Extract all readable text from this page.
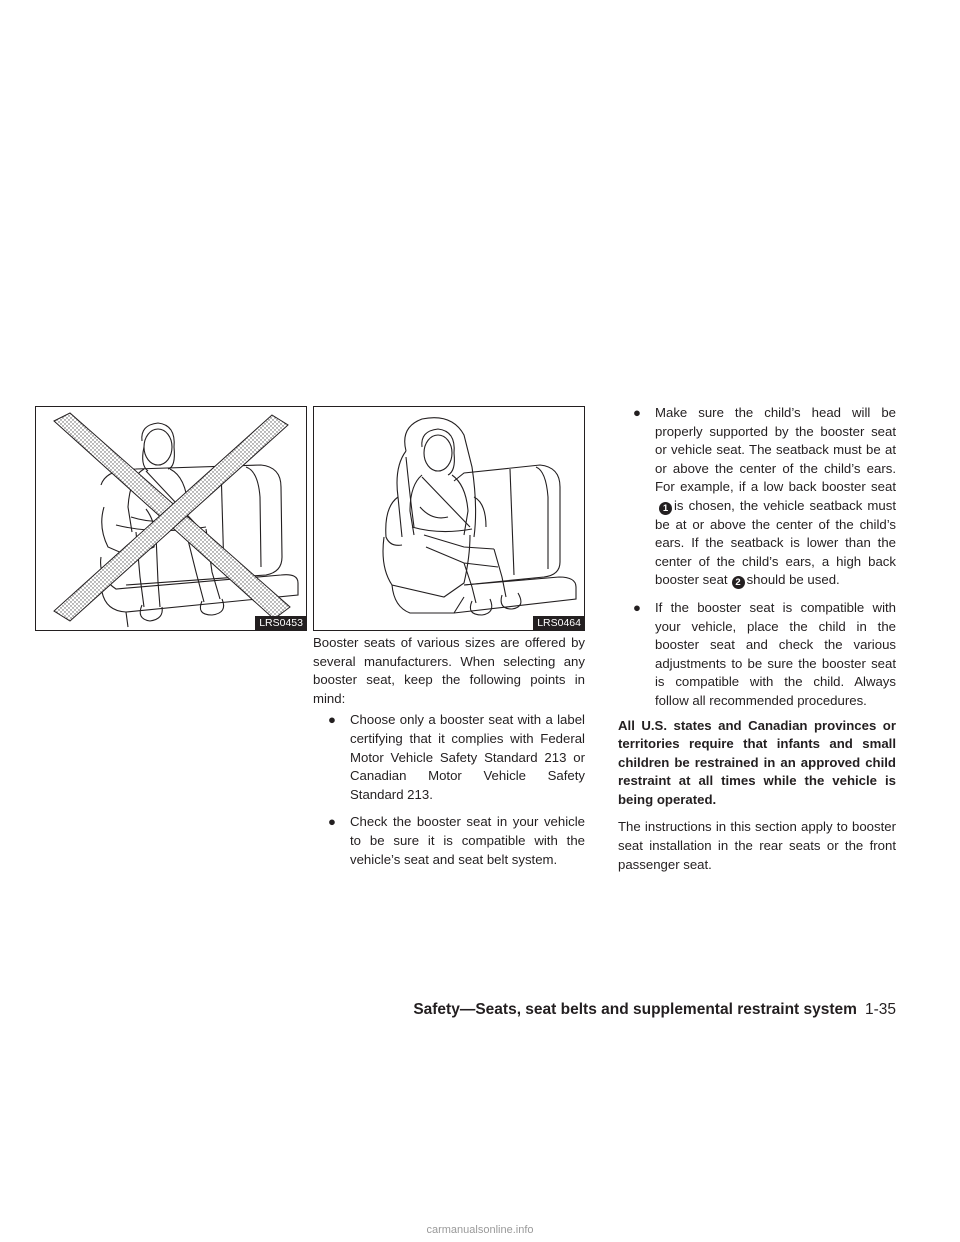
LRS0453	LRS0464

Booster seats of various sizes are offered by several manufacturers. When selecting any booster seat, keep the following points in mind:

● Choose only a booster seat with a label certifying that it complies with Federal Motor Vehicle Safety Standard 213 or Canadian Motor Vehicle Safety Standard 213.
● Check the booster seat in your vehicle to be sure it is compatible with the vehicle’s seat and seat belt system.
● Make sure the child’s head will be properly supported by the booster seat or vehicle seat. The seatback must be at or above the center of the child’s ears. For example, if a low back booster seat1 is chosen, the vehicle seatback must be at or above the center of the child’s ears. If the seatback is lower than the center of the child’s ears, a high back booster seat 2 should be used.
● If the booster seat is compatible with your vehicle, place the child in the booster seat and check the various adjustments to be sure the booster seat is compatible with the child. Always follow all recommended procedures.

All U.S. states and Canadian provinces or territories require that infants and small children be restrained in an approved child restraint at all times while the vehicle is being operated.

The instructions in this section apply to booster seat installation in the rear seats or the front passenger seat.

Safety—Seats, seat belts and supplemental restraint system 1-35
carmanualsonline.info
